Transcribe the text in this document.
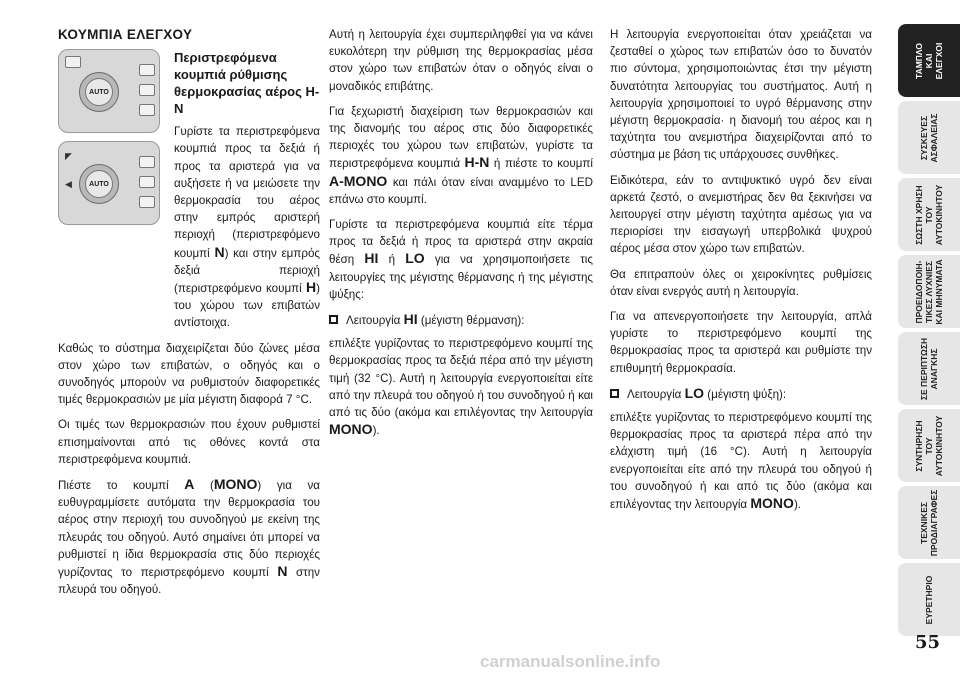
ΚΟΥΜΠΙΑ ΕΛΕΓΧΟΥ
AUTO
AUTO
◤
◀
Περιστρεφόμενα κουμπιά ρύθμισης θερμοκρασίας αέρος H-N

Γυρίστε τα περιστρεφόμενα κουμπιά προς τα δεξιά ή προς τα αριστερά για να αυξήσετε ή να μειώσετε την θερμοκρασία του αέρος στην εμπρός αριστερή περιοχή (περιστρεφόμενο κουμπί N) και στην εμπρός δεξιά περιοχή (περιστρεφόμενο κουμπί H) του χώρου των επιβατών αντίστοιχα.

Καθώς το σύστημα διαχειρίζεται δύο ζώνες μέσα στον χώρο των επιβατών, ο οδηγός και ο συνοδηγός μπορούν να ρυθμιστούν διαφορετικές τιμές θερμοκρασιών με μία μέγιστη διαφορά 7 °C.

Οι τιμές των θερμοκρασιών που έχουν ρυθμιστεί επισημαίνονται από τις οθόνες κοντά στα περιστρεφόμενα κουμπιά.

Πιέστε το κουμπί A (MONO) για να ευθυγραμμίσετε αυτόματα την θερμοκρασία του αέρος στην περιοχή του συνοδηγού με εκείνη της πλευράς του οδηγού. Αυτό σημαίνει ότι μπορεί να ρυθμιστεί η ίδια θερμοκρασία στις δύο περιοχές γυρίζοντας το περιστρεφόμενο κουμπί N στην πλευρά του οδηγού.

Αυτή η λειτουργία έχει συμπεριληφθεί για να κάνει ευκολότερη την ρύθμιση της θερμοκρασίας μέσα στον χώρο των επιβατών όταν ο οδηγός είναι ο μοναδικός επιβάτης.

Για ξεχωριστή διαχείριση των θερμοκρασιών και της διανομής του αέρος στις δύο διαφορετικές περιοχές του χώρου των επιβατών, γυρίστε τα περιστρεφόμενα κουμπιά H-N ή πιέστε το κουμπί A-MONO και πάλι όταν είναι αναμμένο το LED επάνω στο κουμπί.

Γυρίστε τα περιστρεφόμενα κουμπιά είτε τέρμα προς τα δεξιά ή προς τα αριστερά στην ακραία θέση HI ή LO για να χρησιμοποιήσετε τις λειτουργίες της μέγιστης θέρμανσης ή της μέγιστης ψύξης:

Λειτουργία
HI
(μέγιστη θέρμανση):

επιλέξτε γυρίζοντας το περιστρεφόμενο κουμπί της θερμοκρασίας προς τα δεξιά πέρα από την μέγιστη τιμή (32 °C). Αυτή η λειτουργία ενεργοποιείται είτε από την πλευρά του οδηγού ή του συνοδηγού ή και από τις δύο (ακόμα και επιλέγοντας την λειτουργία MONO).

Η λειτουργία ενεργοποιείται όταν χρειάζεται να ζεσταθεί ο χώρος των επιβατών όσο το δυνατόν πιο σύντομα, χρησιμοποιώντας έτσι την μέγιστη δυνατότητα λειτουργίας του συστήματος. Αυτή η λειτουργία χρησιμοποιεί το υγρό θέρμανσης στην μέγιστη θερμοκρασία· η διανομή του αέρος και η ταχύτητα του ανεμιστήρα διαχειρίζονται από το σύστημα με βάση τις υπάρχουσες συνθήκες.

Ειδικότερα, εάν το αντιψυκτικό υγρό δεν είναι αρκετά ζεστό, ο ανεμιστήρας δεν θα ξεκινήσει να λειτουργεί στην μέγιστη ταχύτητα αμέσως για να περιορίσει την εισαγωγή υπερβολικά ψυχρού αέρος μέσα στον χώρο των επιβατών.

Θα επιτραπούν όλες οι χειροκίνητες ρυθμίσεις όταν είναι ενεργός αυτή η λειτουργία.

Για να απενεργοποιήσετε την λειτουργία, απλά γυρίστε το περιστρεφόμενο κουμπί της θερμοκρασίας προς τα αριστερά και ρυθμίστε την επιθυμητή θερμοκρασία.

Λειτουργία
LO
(μέγιστη ψύξη):

επιλέξτε γυρίζοντας το περιστρεφόμενο κουμπί της θερμοκρασίας προς τα αριστερά πέρα από την ελάχιστη τιμή (16 °C). Αυτή η λειτουργία ενεργοποιείται είτε από την πλευρά του οδηγού ή του συνοδηγού ή και από τις δύο (ακόμα και επιλέγοντας την λειτουργία MONO).

ΤΑΜΠΛΟ
ΚΑΙ
ΕΛΕΓΧΟΙ
ΣΥΣΚΕΥΕΣ
ΑΣΦΑΛΕΙΑΣ
ΣΩΣΤΗ ΧΡΗΣΗ
ΤΟΥ
ΑΥΤΟΚΙΝΗΤΟΥ
ΠΡΟΕΙΔΟΠΟΙΗ-
ΤΙΚΕΣ ΛΥΧΝΙΕΣ
ΚΑΙ ΜΗΝΥΜΑΤΑ
ΣΕ ΠΕΡΙΠΤΩΣΗ
ΑΝΑΓΚΗΣ
ΣΥΝΤΗΡΗΣΗ
ΤΟΥ
ΑΥΤΟΚΙΝΗΤΟΥ
ΤΕΧΝΙΚΕΣ
ΠΡΟΔΙΑΓΡΑΦΕΣ
ΕΥΡΕΤΗΡΙΟ
55
carmanualsonline.info
